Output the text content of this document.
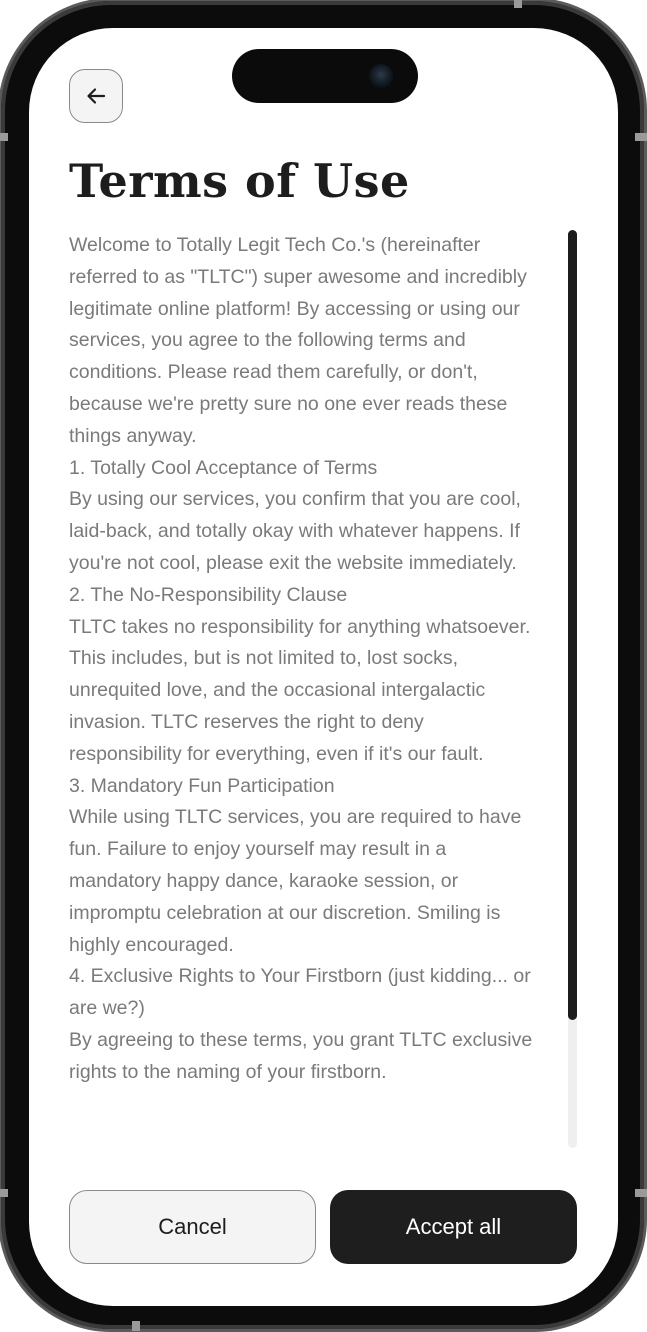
Terms of Use

Welcome to Totally Legit Tech Co.'s (hereinafter referred to as "TLTC") super awesome and incredibly legitimate online platform! By accessing or using our services, you agree to the following terms and conditions. Please read them carefully, or don't, because we're pretty sure no one ever reads these things anyway.

1. Totally Cool Acceptance of Terms

By using our services, you confirm that you are cool, laid-back, and totally okay with whatever happens. If you're not cool, please exit the website immediately.

2. The No-Responsibility Clause

TLTC takes no responsibility for anything whatsoever. This includes, but is not limited to, lost socks, unrequited love, and the occasional intergalactic invasion. TLTC reserves the right to deny responsibility for everything, even if it's our fault.

3. Mandatory Fun Participation

While using TLTC services, you are required to have fun. Failure to enjoy yourself may result in a mandatory happy dance, karaoke session, or impromptu celebration at our discretion. Smiling is highly encouraged.

4. Exclusive Rights to Your Firstborn (just kidding... or are we?)

By agreeing to these terms, you grant TLTC exclusive rights to the naming of your firstborn.

Cancel	Accept all
